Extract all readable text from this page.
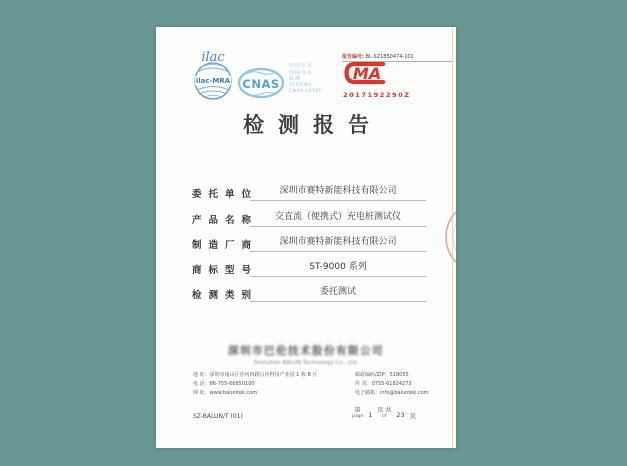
ilac
ilac-MRA CNAS
中国认可
国际互认
检测
TESTING
CNAS L6791
MA
2017192290Z
报告编号: BL-SZ1850474-101
检测报告
委托单位	深圳市赛特新能科技有限公司
产品名称	交直流（便携式）充电桩测试仪
制造厂商	深圳市赛特新能科技有限公司
商标型号	ST-9000 系列
检测类别	委托测试
深圳市巴伦技术股份有限公司
Shenzhen BALUN Technology Co., Ltd.
地 址：深圳市南山区沙河西路白沙科技产业园 1 栋 B 区
电 话：86-755-66850100
网 址：www.baluntek.com
邮政编码/ZIP：518055
传 真：0755-61824273
电子邮箱：info@baluntek.com
SZ-BALUN/T (01)
第
page 1
页 共
of 23 页
